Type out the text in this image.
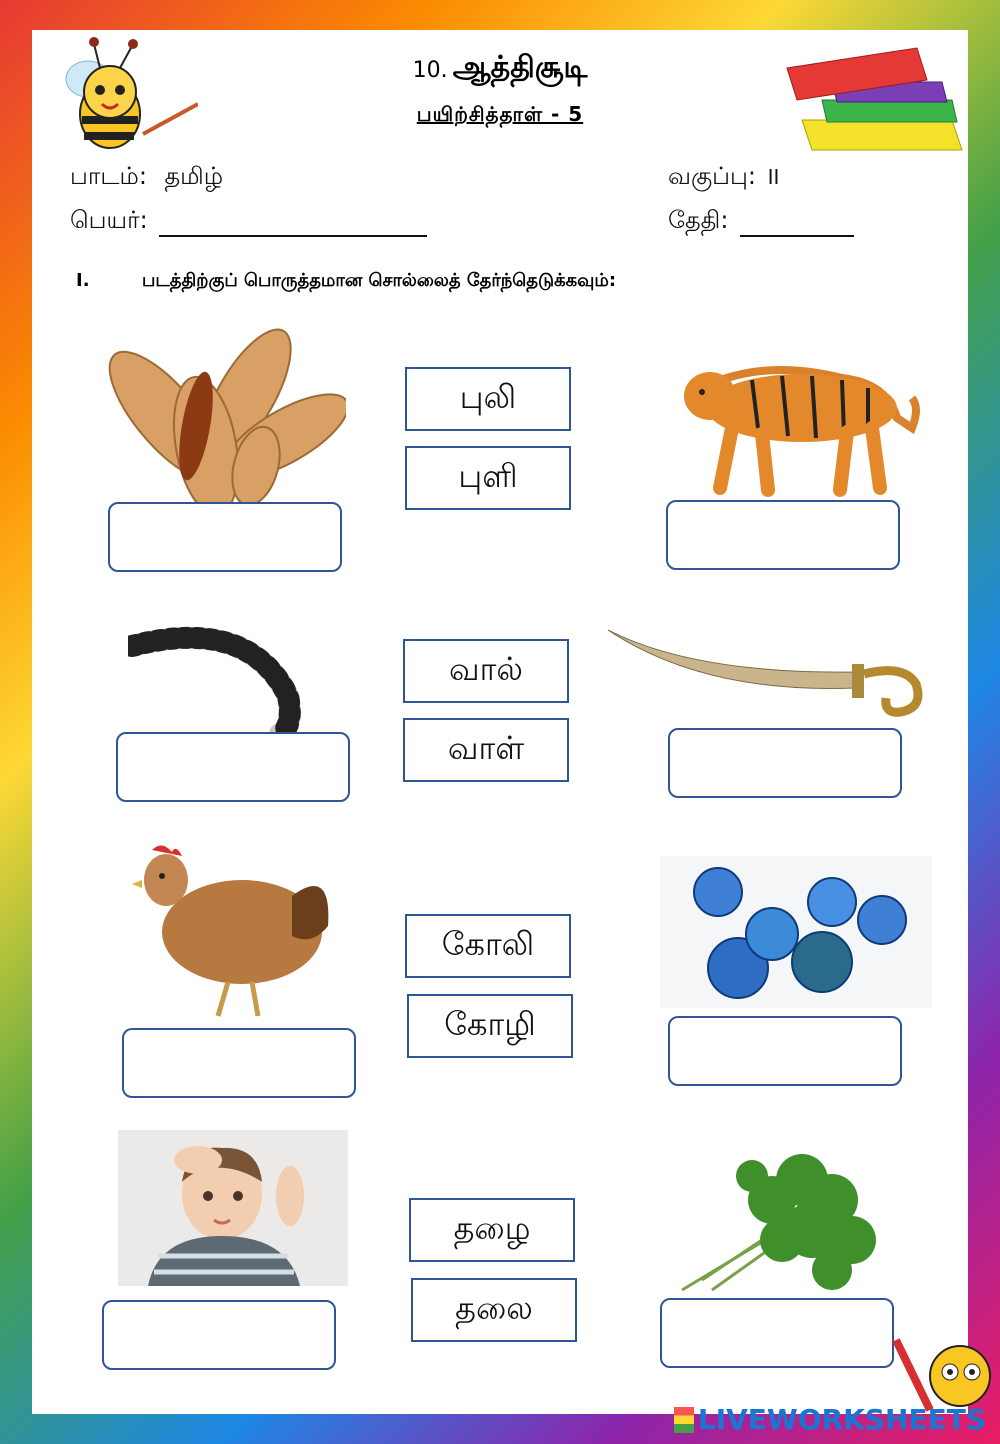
10. ஆத்திசூடி
பயிற்சித்தாள் - 5
பாடம்: தமிழ்	வகுப்பு: II
பெயர்:	தேதி:
I.	படத்திற்குப் பொருத்தமான சொல்லைத் தேர்ந்தெடுக்கவும்:
புலி
புளி
வால்
வாள்
கோலி
கோழி
தழை
தலை
LIVEWORKSHEETS
